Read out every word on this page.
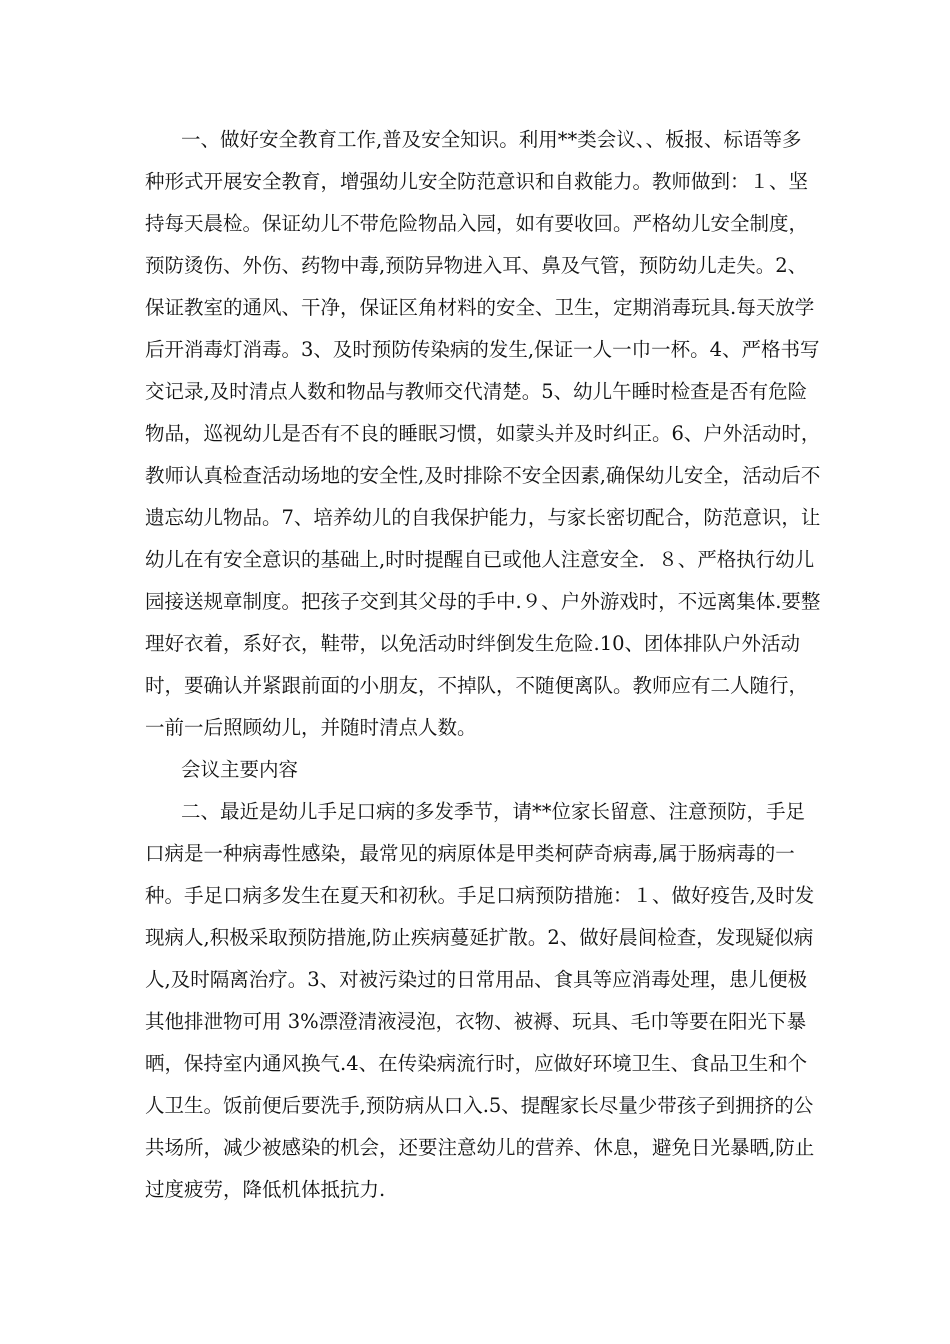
一、做好安全教育工作,普及安全知识。利用**类会议、、板报、标语等多
种形式开展安全教育，增强幼儿安全防范意识和自救能力。教师做到：１、坚
持每天晨检。保证幼儿不带危险物品入园，如有要收回。严格幼儿安全制度，
预防烫伤、外伤、药物中毒,预防异物进入耳、鼻及气管，预防幼儿走失。2、
保证教室的通风、干净，保证区角材料的安全、卫生，定期消毒玩具.每天放学
后开消毒灯消毒。3、及时预防传染病的发生,保证一人一巾一杯。4、严格书写
交记录,及时清点人数和物品与教师交代清楚。5、幼儿午睡时检查是否有危险
物品，巡视幼儿是否有不良的睡眠习惯，如蒙头并及时纠正。6、户外活动时，
教师认真检查活动场地的安全性,及时排除不安全因素,确保幼儿安全，活动后不
遗忘幼儿物品。7、培养幼儿的自我保护能力，与家长密切配合，防范意识，让
幼儿在有安全意识的基础上,时时提醒自已或他人注意安全．８、严格执行幼儿
园接送规章制度。把孩子交到其父母的手中.９、户外游戏时，不远离集体.要整
理好衣着，系好衣，鞋带，以免活动时绊倒发生危险.10、团体排队户外活动
时，要确认并紧跟前面的小朋友，不掉队，不随便离队。教师应有二人随行，
一前一后照顾幼儿，并随时清点人数。
会议主要内容
二、最近是幼儿手足口病的多发季节，请**位家长留意、注意预防，手足
口病是一种病毒性感染，最常见的病原体是甲类柯萨奇病毒,属于肠病毒的一
种。手足口病多发生在夏天和初秋。手足口病预防措施：１、做好疫告,及时发
现病人,积极采取预防措施,防止疾病蔓延扩散。2、做好晨间检查，发现疑似病
人,及时隔离治疗。3、对被污染过的日常用品、食具等应消毒处理，患儿便极
其他排泄物可用 3%漂澄清液浸泡，衣物、被褥、玩具、毛巾等要在阳光下暴
晒，保持室内通风换气.4、在传染病流行时，应做好环境卫生、食品卫生和个
人卫生。饭前便后要洗手,预防病从口入.5、提醒家长尽量少带孩子到拥挤的公
共场所，减少被感染的机会，还要注意幼儿的营养、休息，避免日光暴晒,防止
过度疲劳，降低机体抵抗力.
